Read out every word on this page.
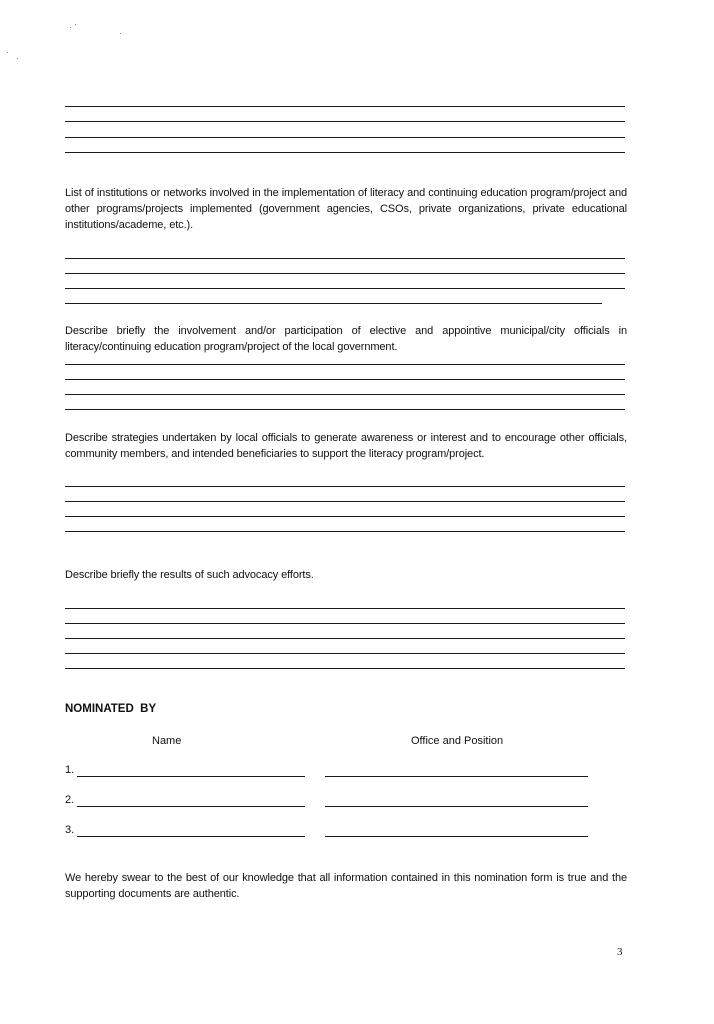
List of institutions or networks involved in the implementation of literacy and continuing education program/project and other programs/projects implemented (government agencies, CSOs, private organizations, private educational institutions/academe, etc.).
Describe briefly the involvement and/or participation of elective and appointive municipal/city officials in literacy/continuing education program/project of the local government.
Describe strategies undertaken by local officials to generate awareness or interest and to encourage other officials, community members, and intended beneficiaries to support the literacy program/project.
Describe briefly the results of such advocacy efforts.
NOMINATED  BY
Name	Office and Position
1.
2.
3.
We hereby swear to the best of our knowledge that all information contained in this nomination form is true and the supporting documents are authentic.
3
